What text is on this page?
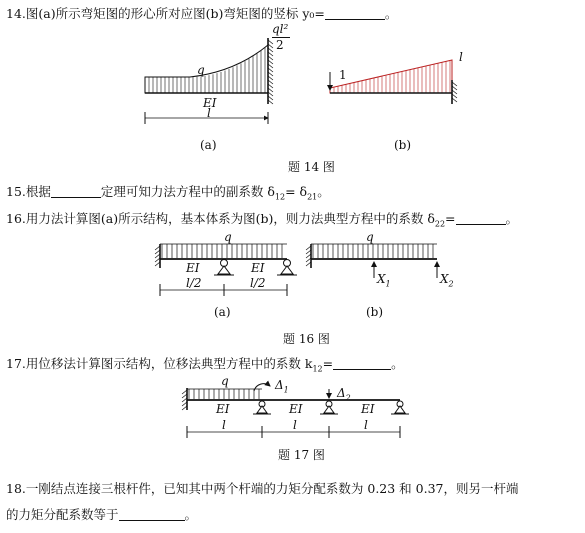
14.图(a)所示弯矩图的形心所对应图(b)弯矩图的竖标 y₀=	。
ql²
2
q
EI
l
(a)
1
l
(b)
题 14 图
15.根据	定理可知力法方程中的副系数 $\delta_{12}= \delta_{21}$。
16.用力法计算图(a)所示结构，基本体系为图(b)，则力法典型方程中的系数 $\delta_{22}=$	。
q
EI	EI
l/2	l/2
(a)
q
$X_1$	$X_2$
(b)
题 16 图
17.用位移法计算图示结构，位移法典型方程中的系数 $k_{12}=$	。
q	$\Delta_1$	$\Delta_2$
EI	EI	EI
l	l	l
题 17 图
18.一刚结点连接三根杆件，已知其中两个杆端的力矩分配系数为 0.23 和 0.37，则另一杆端
的力矩分配系数等于	。
